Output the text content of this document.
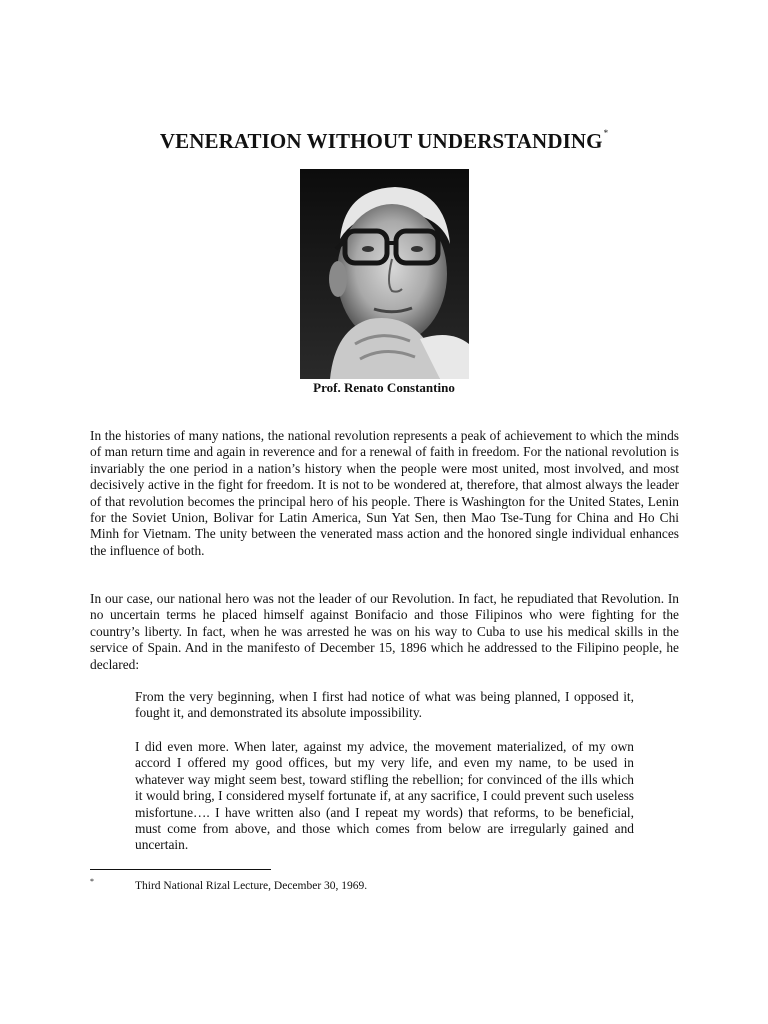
VENERATION WITHOUT UNDERSTANDING*
Prof. Renato Constantino

In the histories of many nations, the national revolution represents a peak of achievement to which the minds of man return time and again in reverence and for a renewal of faith in freedom. For the national revolution is invariably the one period in a nation’s history when the people were most united, most involved, and most decisively active in the fight for freedom. It is not to be wondered at, therefore, that almost always the leader of that revolution becomes the principal hero of his people. There is Washington for the United States, Lenin for the Soviet Union, Bolivar for Latin America, Sun Yat Sen, then Mao Tse-Tung for China and Ho Chi Minh for Vietnam. The unity between the venerated mass action and the honored single individual enhances the influence of both.

In our case, our national hero was not the leader of our Revolution. In fact, he repudiated that Revolution. In no uncertain terms he placed himself against Bonifacio and those Filipinos who were fighting for the country’s liberty. In fact, when he was arrested he was on his way to Cuba to use his medical skills in the service of Spain. And in the manifesto of December 15, 1896 which he addressed to the Filipino people, he declared:

From the very beginning, when I first had notice of what was being planned, I opposed it, fought it, and demonstrated its absolute impossibility.

I did even more. When later, against my advice, the movement materialized, of my own accord I offered my good offices, but my very life, and even my name, to be used in whatever way might seem best, toward stifling the rebellion; for convinced of the ills which it would bring, I considered myself fortunate if, at any sacrifice, I could prevent such useless misfortune…. I have written also (and I repeat my words) that reforms, to be beneficial, must come from above, and those which comes from below are irregularly gained and uncertain.

*	Third National Rizal Lecture, December 30, 1969.
